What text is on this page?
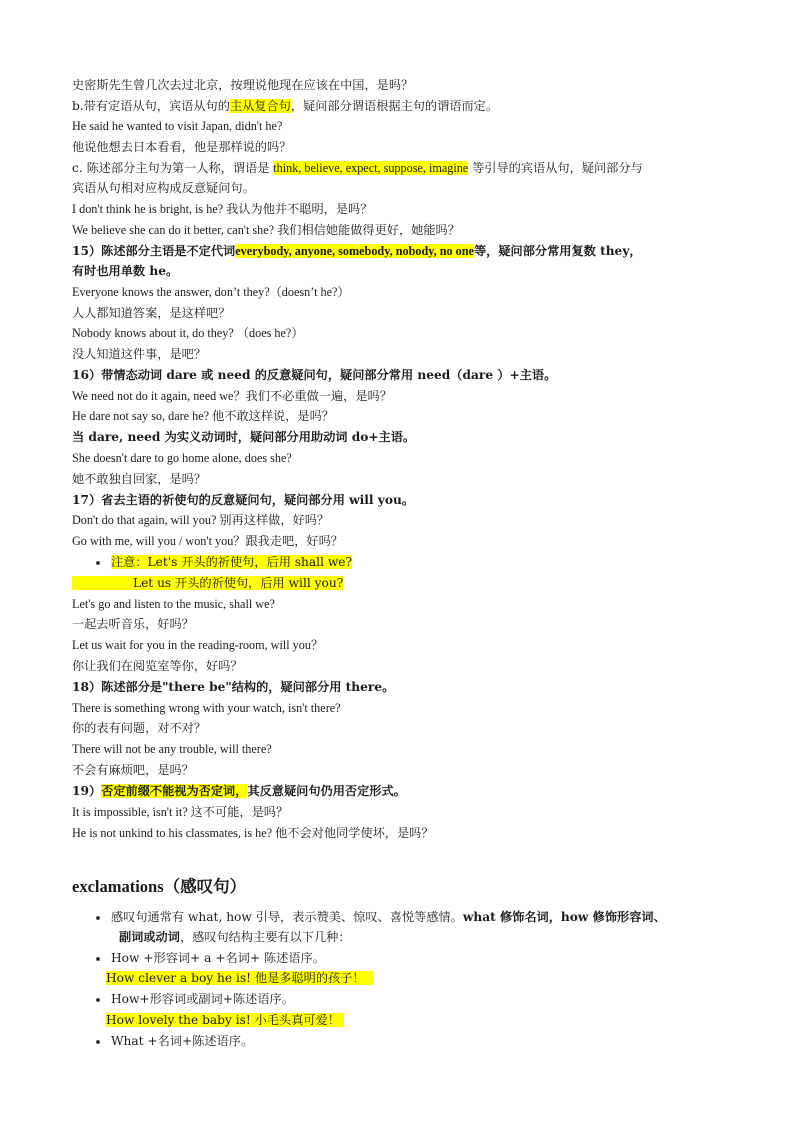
史密斯先生曾几次去过北京，按理说他现在应该在中国，是吗？
b.带有定语从句，宾语从句的主从复合句，疑问部分谓语根据主句的谓语而定。
He said he wanted to visit Japan, didn't he?
他说他想去日本看看，他是那样说的吗？
c. 陈述部分主句为第一人称，谓语是 think, believe, expect, suppose, imagine 等引导的宾语从句，疑问部分与
宾语从句相对应构成反意疑问句。
I don't think he is bright, is he? 我认为他并不聪明，是吗？
We believe she can do it better, can't she? 我们相信她能做得更好，她能吗？
15）陈述部分主语是不定代词everybody, anyone, somebody, nobody, no one等，疑问部分常用复数 they，
有时也用单数 he。
Everyone knows the answer, don’t they?（doesn’t he?）
人人都知道答案，是这样吧？
Nobody knows about it, do they? （does he?）
没人知道这件事，是吧？
16）带情态动词 dare 或 need 的反意疑问句，疑问部分常用 need（dare ）+主语。
We need not do it again, need we？我们不必重做一遍，是吗？
He dare not say so, dare he? 他不敢这样说，是吗？
当 dare, need 为实义动词时，疑问部分用助动词 do+主语。
She doesn't dare to go home alone, does she?
她不敢独自回家，是吗？
17）省去主语的祈使句的反意疑问句，疑问部分用 will you。
Don't do that again, will you? 别再这样做，好吗？
Go with me, will you / won't you？跟我走吧，好吗？
注意：Let's 开头的祈使句，后用 shall we?
Let us 开头的祈使句，后用 will you?
Let's go and listen to the music, shall we?
一起去听音乐，好吗？
Let us wait for you in the reading-room, will you？
你让我们在阅览室等你，好吗？
18）陈述部分是"there be"结构的，疑问部分用 there。
There is something wrong with your watch, isn't there?
你的表有问题，对不对？
There will not be any trouble, will there?
不会有麻烦吧，是吗？
19）否定前缀不能视为否定词，其反意疑问句仍用否定形式。
It is impossible, isn't it? 这不可能，是吗？
He is not unkind to his classmates, is he? 他不会对他同学使坏，是吗？
exclamations（感叹句）
感叹句通常有 what, how 引导，表示赞美、惊叹、喜悦等感情。what 修饰名词，how 修饰形容词、
副词或动词，感叹句结构主要有以下几种：
How +形容词+ a +名词+ 陈述语序。
How clever a boy he is! 他是多聪明的孩子！
How+形容词或副词+陈述语序。
How lovely the baby is! 小毛头真可爱！
What +名词+陈述语序。
